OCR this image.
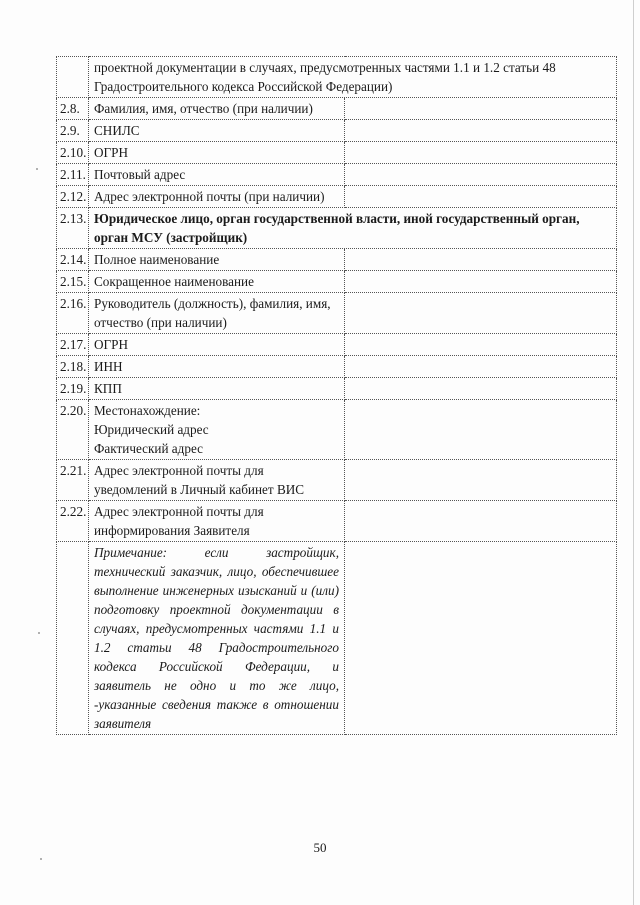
	проектной документации в случаях, предусмотренных частями 1.1 и 1.2 статьи 48 Градостроительного кодекса Российской Федерации)	
2.8.	Фамилия, имя, отчество (при наличии)	
2.9.	СНИЛС	
2.10.	ОГРН	
2.11.	Почтовый адрес	
2.12.	Адрес электронной почты (при наличии)	
2.13.	Юридическое лицо, орган государственной власти, иной государственный орган, орган МСУ (застройщик)	
2.14.	Полное наименование	
2.15.	Сокращенное наименование	
2.16.	Руководитель (должность), фамилия, имя, отчество (при наличии)	
2.17.	ОГРН	
2.18.	ИНН	
2.19.	КПП	
2.20.	Местонахождение:
Юридический адрес
Фактический адрес	

2.21.	Адрес электронной почты для уведомлений в Личный кабинет ВИС	
2.22.	Адрес электронной почты для информирования Заявителя	
	Примечание: если застройщик, технический заказчик, лицо, обеспечившее выполнение инженерных изысканий и (или) подготовку проектной документации в случаях, предусмотренных частями 1.1 и 1.2 статьи 48 Градостроительного кодекса Российской Федерации, и заявитель не одно и то же лицо, -указанные сведения также в отношении заявителя	
50
